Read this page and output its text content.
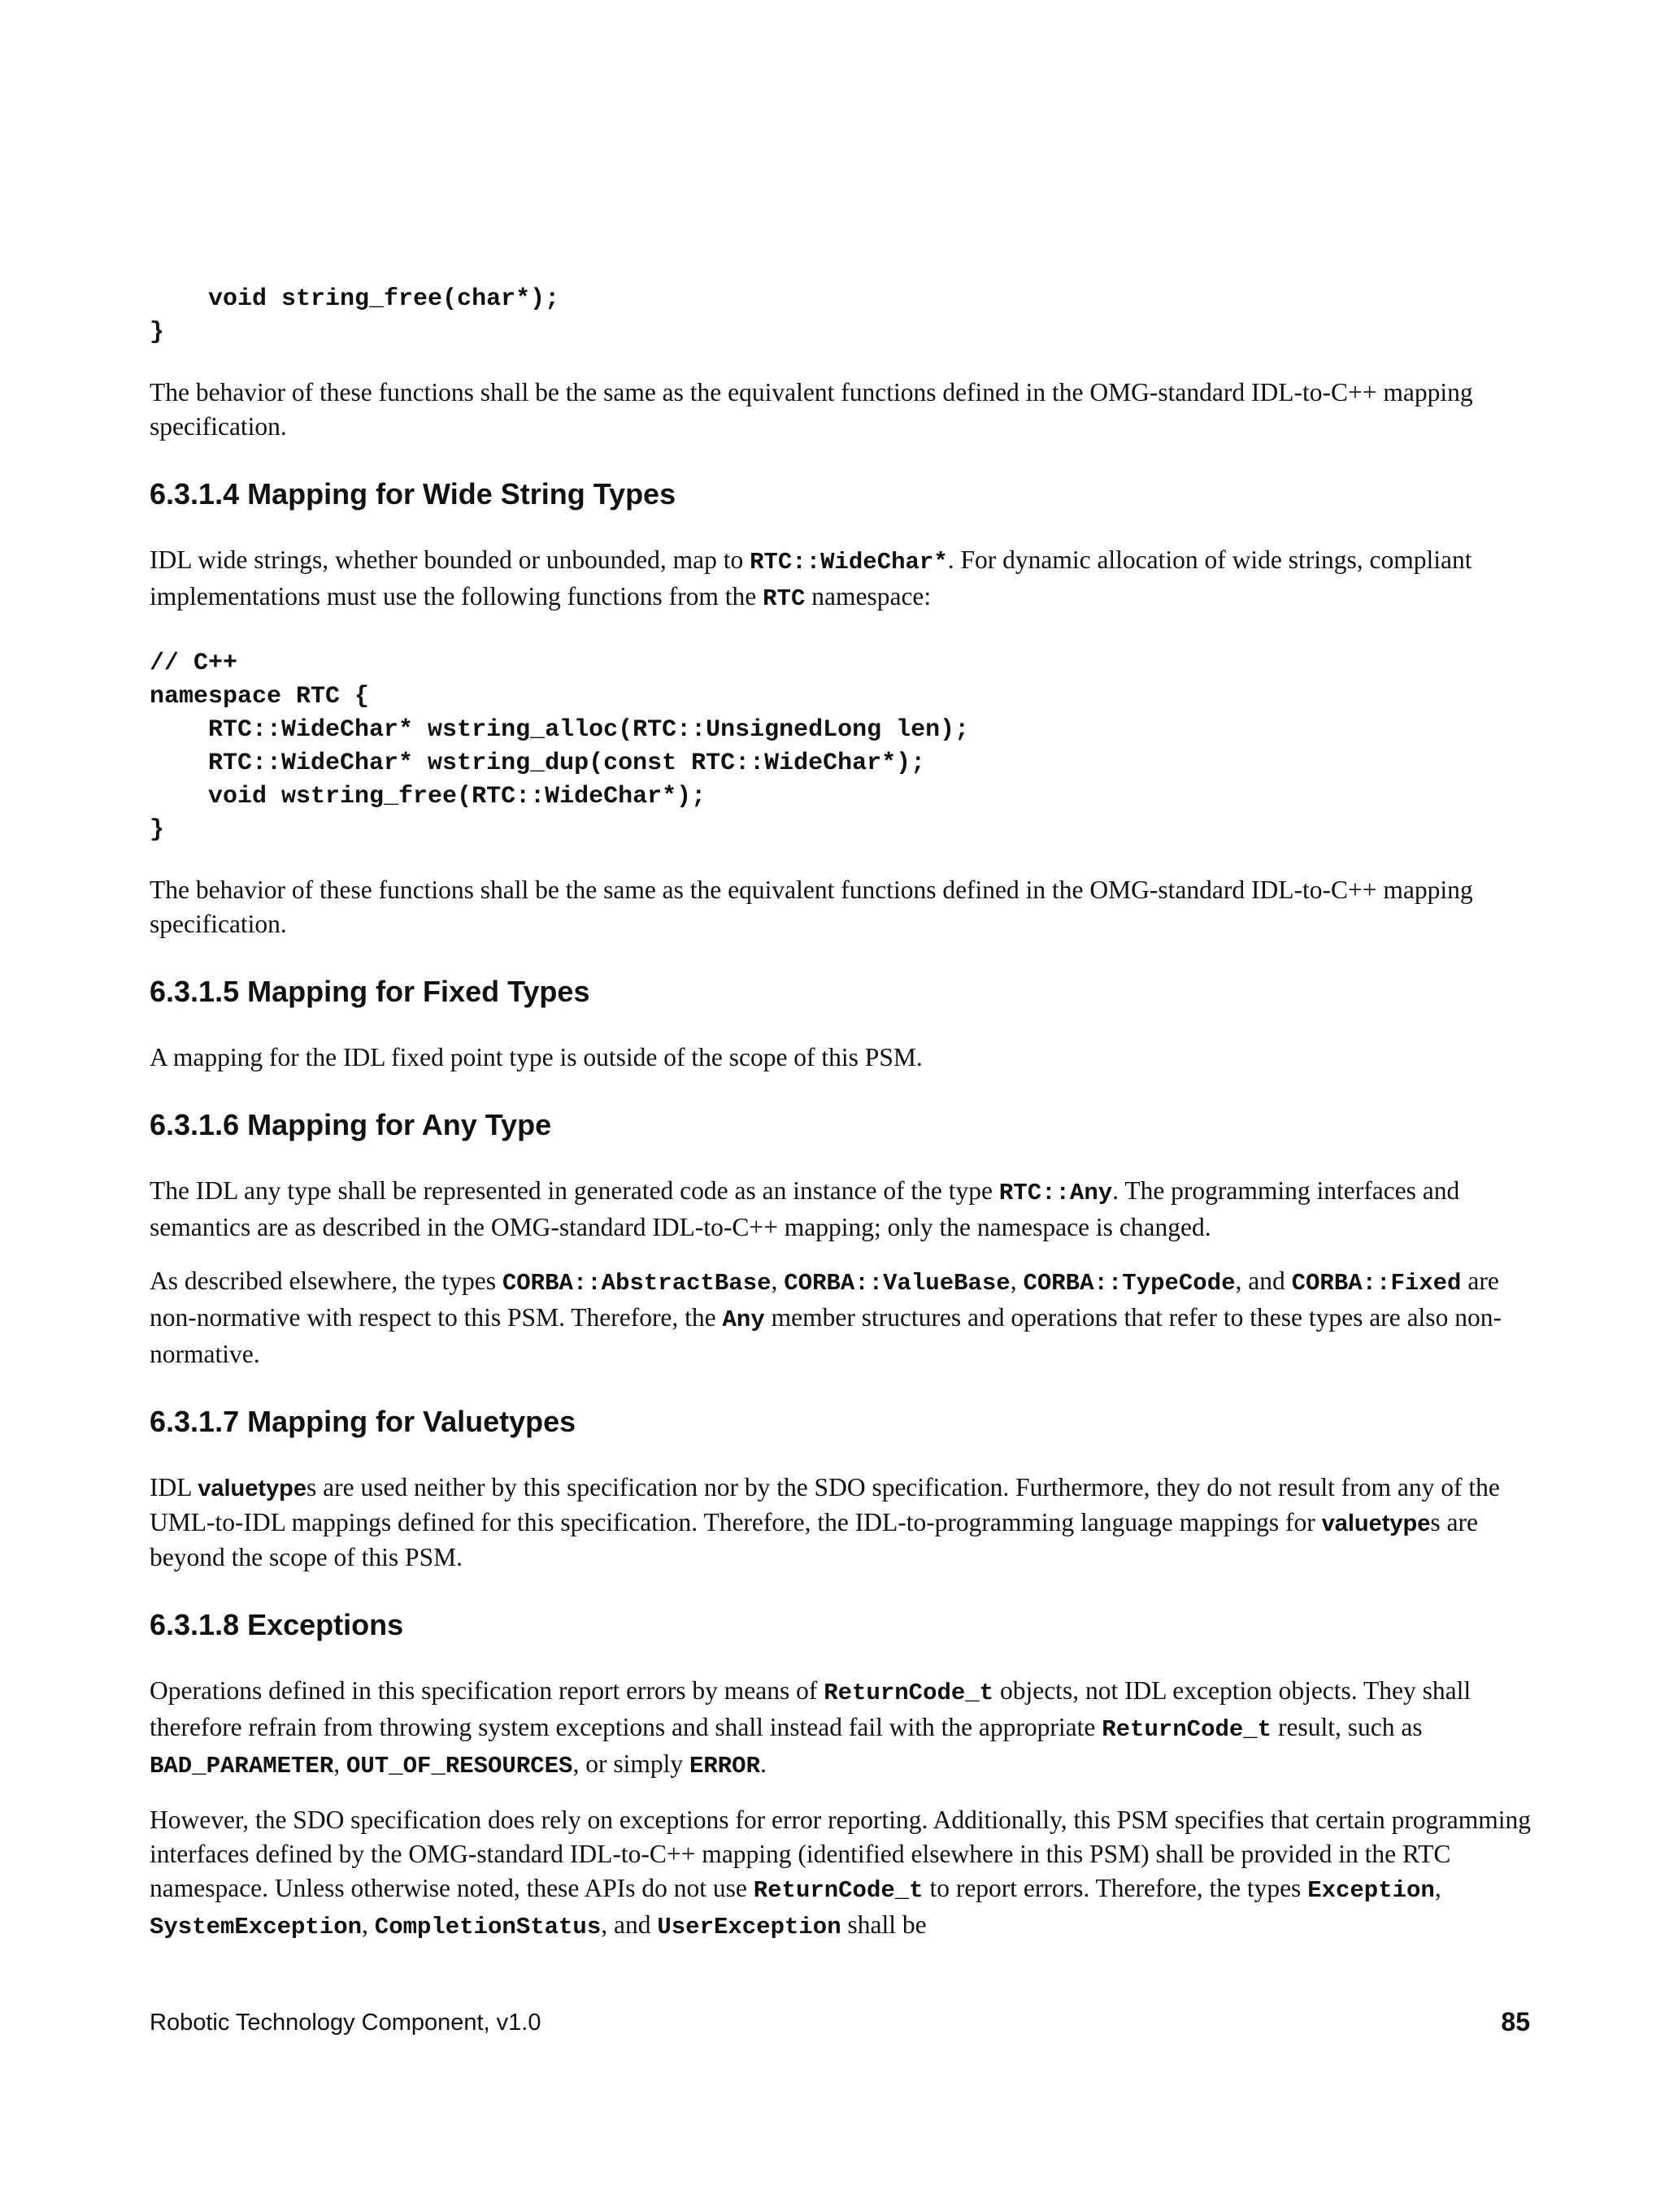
void string_free(char*);
}

The behavior of these functions shall be the same as the equivalent functions defined in the OMG-standard IDL-to-C++ mapping specification.

6.3.1.4 Mapping for Wide String Types

IDL wide strings, whether bounded or unbounded, map to RTC::WideChar*. For dynamic allocation of wide strings, compliant implementations must use the following functions from the RTC namespace:

// C++
namespace RTC {
RTC::WideChar* wstring_alloc(RTC::UnsignedLong len);
RTC::WideChar* wstring_dup(const RTC::WideChar*);
void wstring_free(RTC::WideChar*);
}

The behavior of these functions shall be the same as the equivalent functions defined in the OMG-standard IDL-to-C++ mapping specification.

6.3.1.5 Mapping for Fixed Types

A mapping for the IDL fixed point type is outside of the scope of this PSM.

6.3.1.6 Mapping for Any Type

The IDL any type shall be represented in generated code as an instance of the type RTC::Any. The programming interfaces and semantics are as described in the OMG-standard IDL-to-C++ mapping; only the namespace is changed.

As described elsewhere, the types CORBA::AbstractBase, CORBA::ValueBase, CORBA::TypeCode, and CORBA::Fixed are non-normative with respect to this PSM. Therefore, the Any member structures and operations that refer to these types are also non-normative.

6.3.1.7 Mapping for Valuetypes

IDL valuetypes are used neither by this specification nor by the SDO specification. Furthermore, they do not result from any of the UML-to-IDL mappings defined for this specification. Therefore, the IDL-to-programming language mappings for valuetypes are beyond the scope of this PSM.

6.3.1.8 Exceptions

Operations defined in this specification report errors by means of ReturnCode_t objects, not IDL exception objects. They shall therefore refrain from throwing system exceptions and shall instead fail with the appropriate ReturnCode_t result, such as BAD_PARAMETER, OUT_OF_RESOURCES, or simply ERROR.

However, the SDO specification does rely on exceptions for error reporting. Additionally, this PSM specifies that certain programming interfaces defined by the OMG-standard IDL-to-C++ mapping (identified elsewhere in this PSM) shall be provided in the RTC namespace. Unless otherwise noted, these APIs do not use ReturnCode_t to report errors. Therefore, the types Exception, SystemException, CompletionStatus, and UserException shall be

Robotic Technology Component, v1.0	85
